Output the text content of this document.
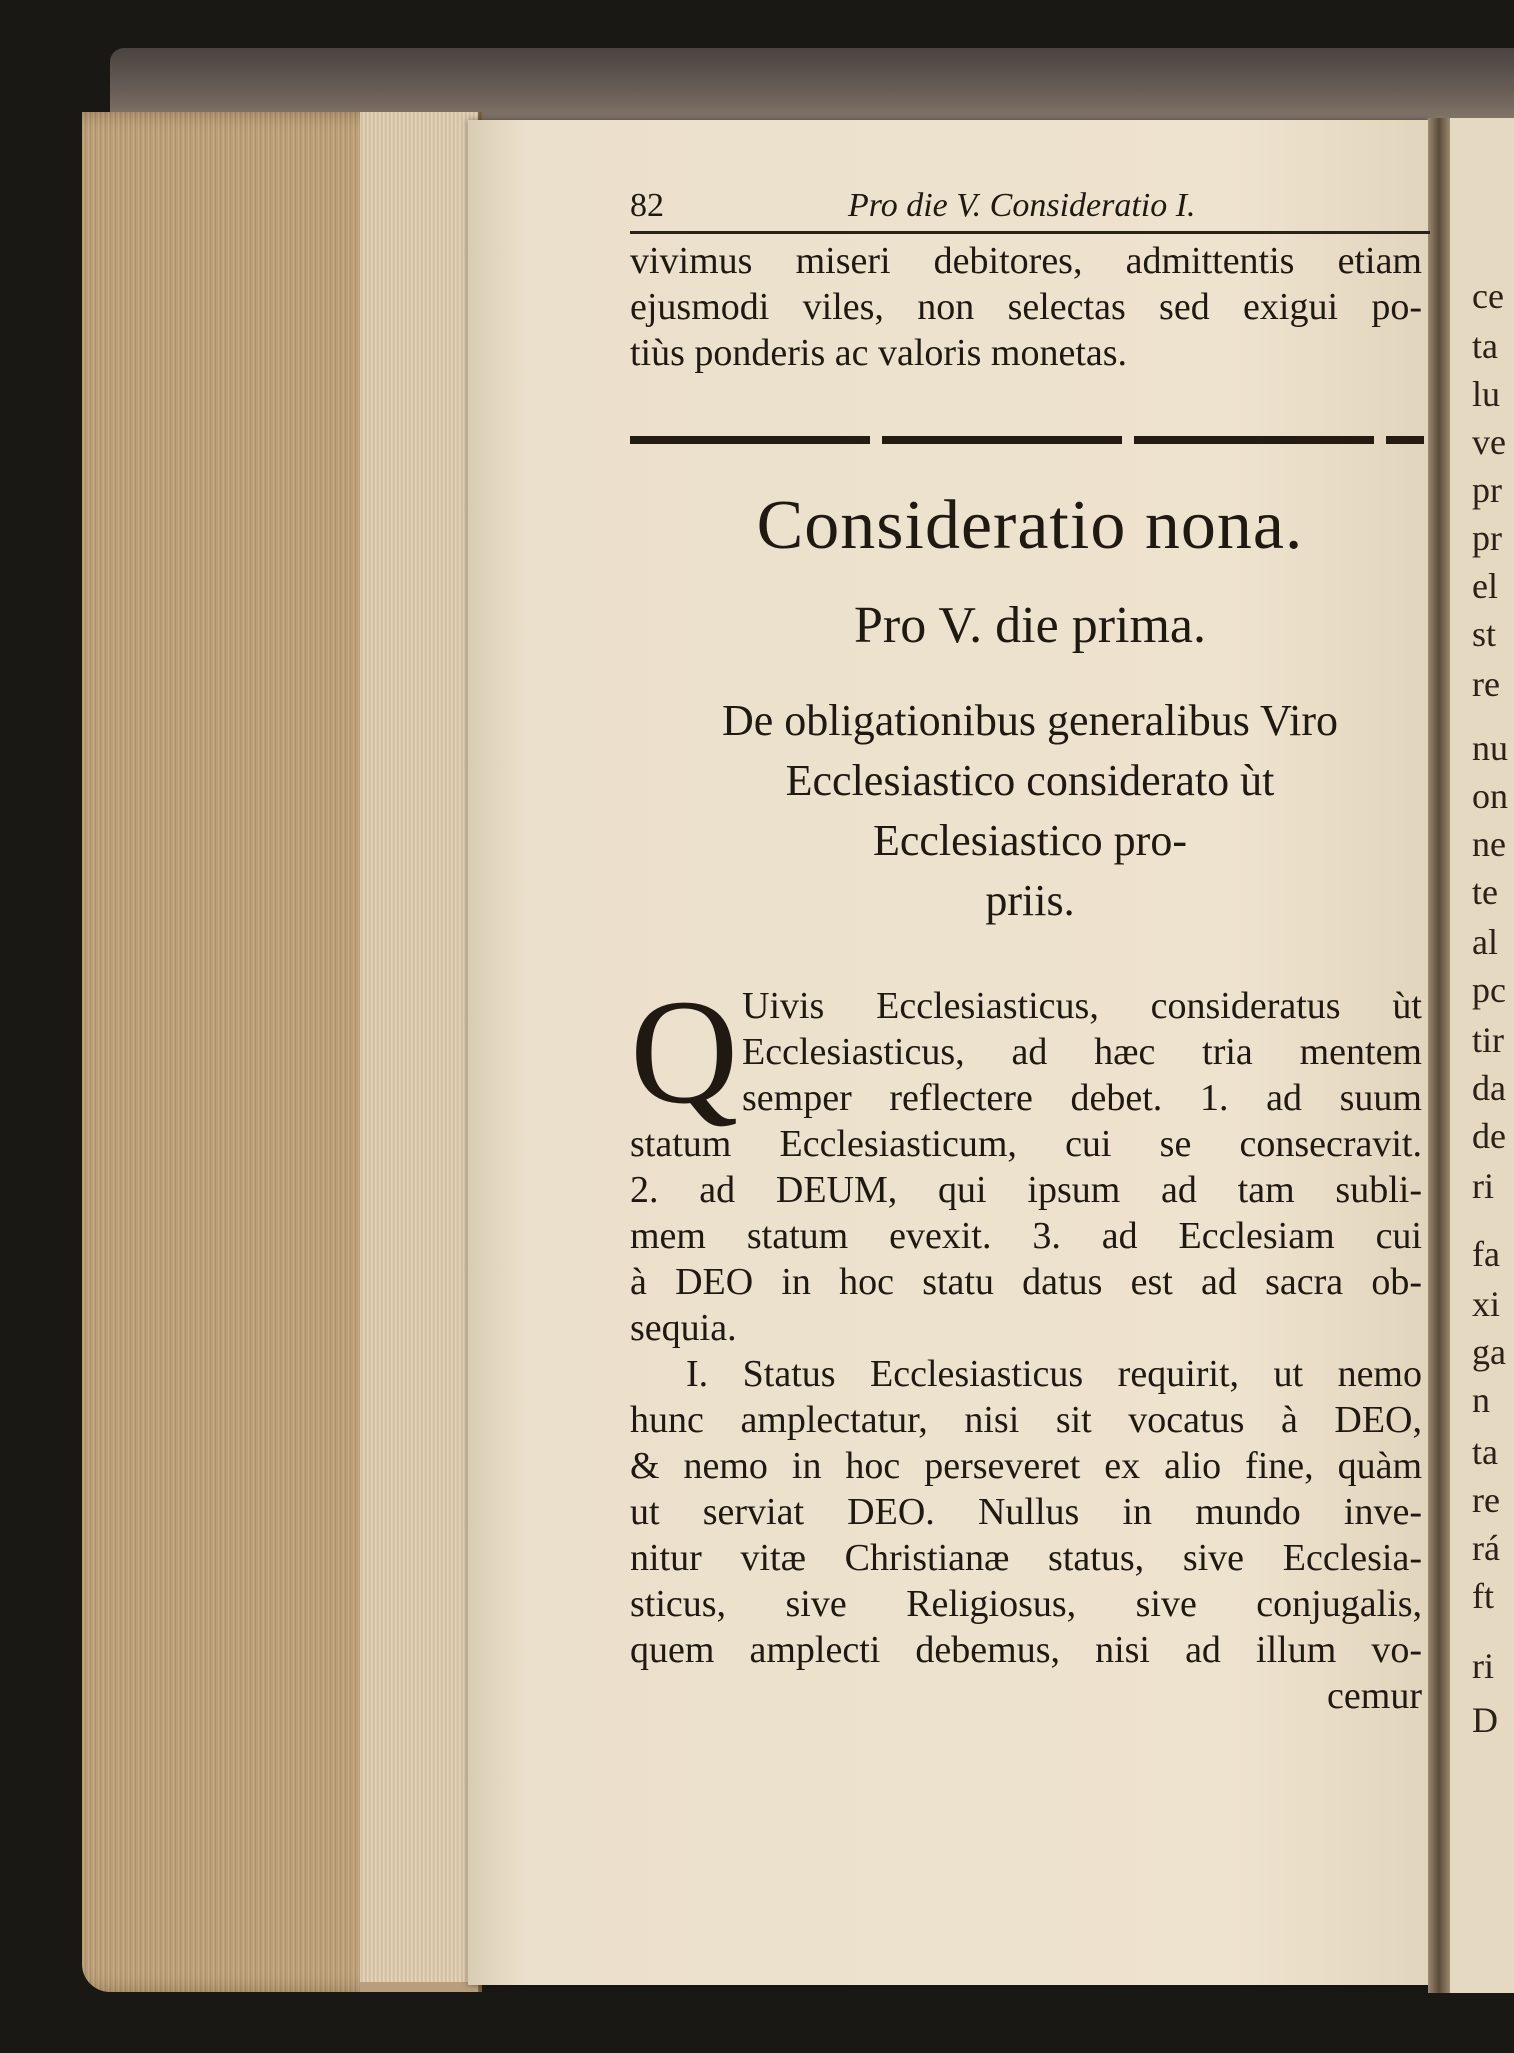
ce
ta
lu
ve
pr
pr
el
st
re
nu
on
ne
te
al
pc
tir
da
de
ri
fa
xi
ga
n
ta
re
rá
ft
ri
D
82	Pro die V. Consideratio I.
vivimus miseri debitores, admittentis etiam
ejusmodi viles, non selectas sed exigui po-
tiùs ponderis ac valoris monetas.
Consideratio nona.
Pro V. die prima.
De obligationibus generalibus Viro
Ecclesiastico considerato ùt
Ecclesiastico pro-
priis.
Q Uivis Ecclesiasticus, consideratus ùt
Ecclesiasticus, ad hæc tria mentem
semper reflectere debet. 1. ad suum
statum Ecclesiasticum, cui se consecravit.
2. ad DEUM, qui ipsum ad tam subli-
mem statum evexit. 3. ad Ecclesiam cui
à DEO in hoc statu datus est ad sacra ob-
sequia.
I. Status Ecclesiasticus requirit, ut nemo
hunc amplectatur, nisi sit vocatus à DEO,
& nemo in hoc perseveret ex alio fine, quàm
ut serviat DEO. Nullus in mundo inve-
nitur vitæ Christianæ status, sive Ecclesia-
sticus, sive Religiosus, sive conjugalis,
quem amplecti debemus, nisi ad illum vo-
cemur
